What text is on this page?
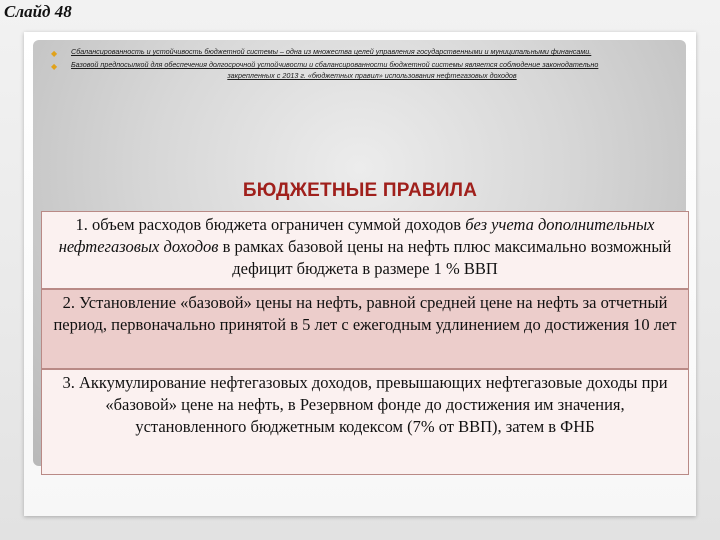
Слайд 48
◆ Сбалансированность и устойчивость бюджетной системы – одна из множества целей управления государственными и муниципальными финансами.
◆ Базовой предпосылкой для обеспечения долгосрочной устойчивости и сбалансированности бюджетной системы является соблюдение законодательно
закрепленных с 2013 г. «бюджетных правил» использования нефтегазовых доходов
БЮДЖЕТНЫЕ ПРАВИЛА
1. объем расходов бюджета ограничен суммой доходов без учета дополнительных нефтегазовых доходов в рамках базовой цены на нефть плюс максимально возможный дефицит бюджета в размере 1 % ВВП
2. Установление «базовой» цены на нефть, равной средней цене на нефть за отчетный период, первоначально принятой в 5 лет с ежегодным удлинением до достижения 10 лет
3. Аккумулирование нефтегазовых доходов, превышающих нефтегазовые доходы при «базовой» цене на нефть, в Резервном фонде до достижения им значения, установленного бюджетным кодексом (7% от ВВП), затем в ФНБ
